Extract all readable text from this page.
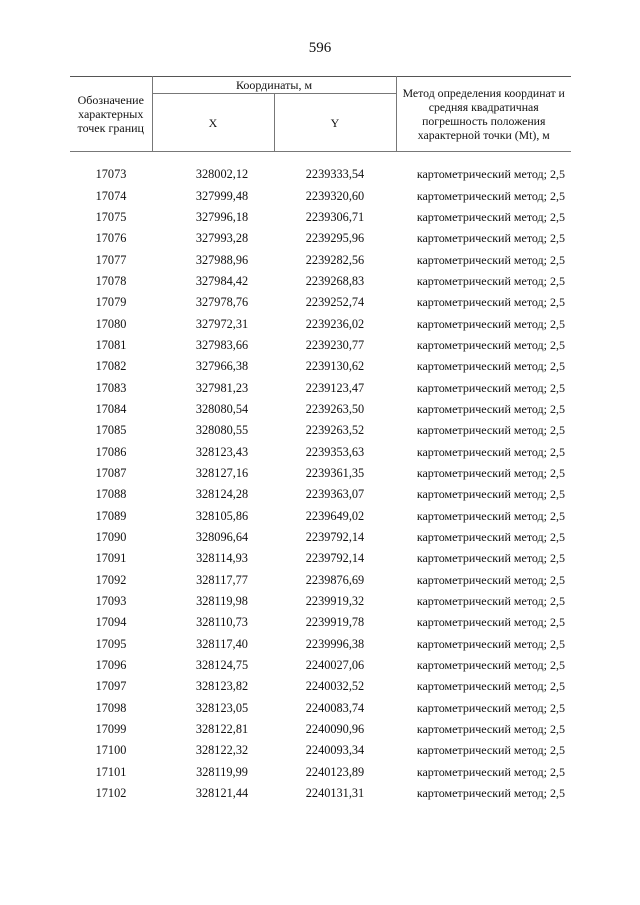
596
Обозначение характерных точек границ	Координаты, м		Метод определения координат и средняя квадратичная погрешность положения характерной точки (Mt), м
	X	Y	

17073	328002,12	2239333,54	картометрический метод; 2,5
17074	327999,48	2239320,60	картометрический метод; 2,5
17075	327996,18	2239306,71	картометрический метод; 2,5
17076	327993,28	2239295,96	картометрический метод; 2,5
17077	327988,96	2239282,56	картометрический метод; 2,5
17078	327984,42	2239268,83	картометрический метод; 2,5
17079	327978,76	2239252,74	картометрический метод; 2,5
17080	327972,31	2239236,02	картометрический метод; 2,5
17081	327983,66	2239230,77	картометрический метод; 2,5
17082	327966,38	2239130,62	картометрический метод; 2,5
17083	327981,23	2239123,47	картометрический метод; 2,5
17084	328080,54	2239263,50	картометрический метод; 2,5
17085	328080,55	2239263,52	картометрический метод; 2,5
17086	328123,43	2239353,63	картометрический метод; 2,5
17087	328127,16	2239361,35	картометрический метод; 2,5
17088	328124,28	2239363,07	картометрический метод; 2,5
17089	328105,86	2239649,02	картометрический метод; 2,5
17090	328096,64	2239792,14	картометрический метод; 2,5
17091	328114,93	2239792,14	картометрический метод; 2,5
17092	328117,77	2239876,69	картометрический метод; 2,5
17093	328119,98	2239919,32	картометрический метод; 2,5
17094	328110,73	2239919,78	картометрический метод; 2,5
17095	328117,40	2239996,38	картометрический метод; 2,5
17096	328124,75	2240027,06	картометрический метод; 2,5
17097	328123,82	2240032,52	картометрический метод; 2,5
17098	328123,05	2240083,74	картометрический метод; 2,5
17099	328122,81	2240090,96	картометрический метод; 2,5
17100	328122,32	2240093,34	картометрический метод; 2,5
17101	328119,99	2240123,89	картометрический метод; 2,5
17102	328121,44	2240131,31	картометрический метод; 2,5
